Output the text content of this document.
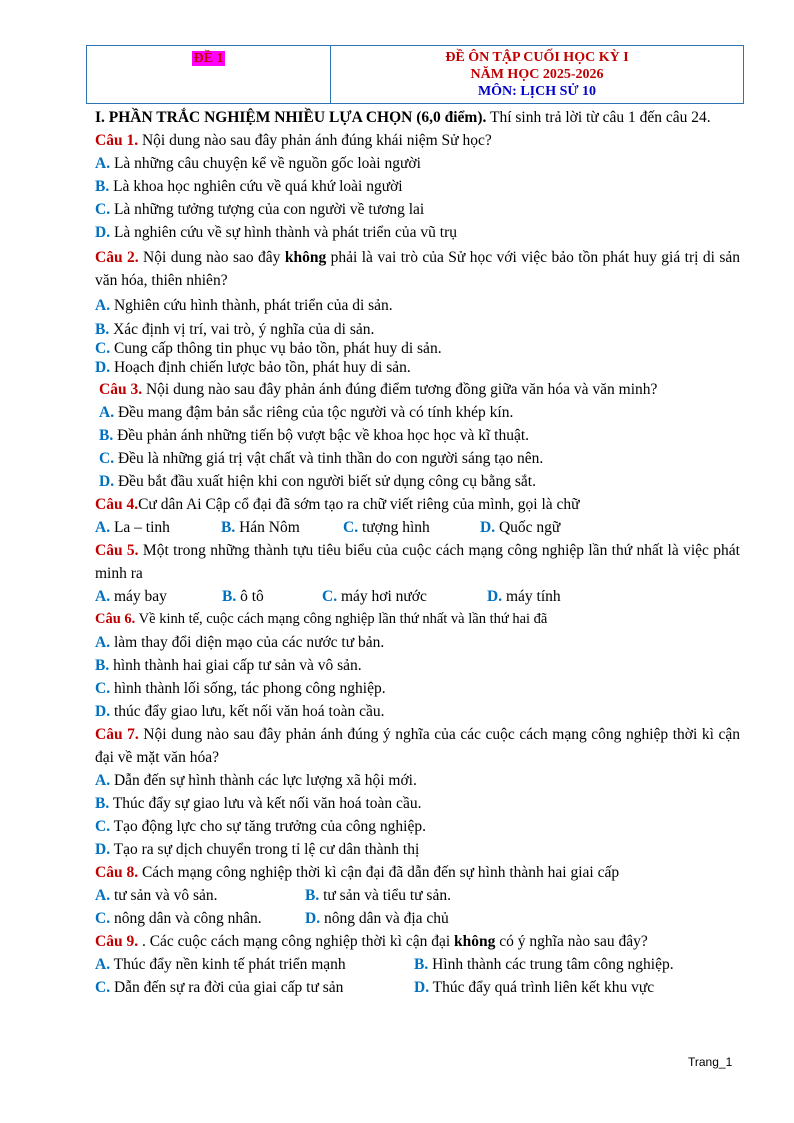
ĐỀ 1	ĐỀ ÔN TẬP CUỐI HỌC KỲ I
NĂM HỌC 2025-2026
MÔN: LỊCH SỬ 10
I. PHẦN TRẮC NGHIỆM NHIỀU LỰA CHỌN (6,0 điểm). Thí sinh trả lời từ câu 1 đến câu 24.
Câu 1. Nội dung nào sau đây phản ánh đúng khái niệm Sử học?
A. Là những câu chuyện kể về nguồn gốc loài người
B. Là khoa học nghiên cứu về quá khứ loài người
C. Là những tưởng tượng của con người về tương lai
D. Là nghiên cứu về sự hình thành và phát triển của vũ trụ
Câu 2. Nội dung nào sao đây không phải là vai trò của Sử học với việc bảo tồn phát huy giá trị di sản văn hóa, thiên nhiên?
A. Nghiên cứu hình thành, phát triển của di sản.
B. Xác định vị trí, vai trò, ý nghĩa của di sản.
C. Cung cấp thông tin phục vụ bảo tồn, phát huy di sản.
D. Hoạch định chiến lược bảo tồn, phát huy di sản.
Câu 3. Nội dung nào sau đây phản ánh đúng điểm tương đồng giữa văn hóa và văn minh?
A. Đều mang đậm bản sắc riêng của tộc người và có tính khép kín.
B. Đều phản ánh những tiến bộ vượt bậc về khoa học học và kĩ thuật.
C. Đều là những giá trị vật chất và tinh thần do con người sáng tạo nên.
D. Đều bắt đầu xuất hiện khi con người biết sử dụng công cụ bằng sắt.
Câu 4.Cư dân Ai Cập cổ đại đã sớm tạo ra chữ viết riêng của mình, gọi là chữ
A. La – tinh	B. Hán Nôm	C. tượng hình	D. Quốc ngữ
Câu 5. Một trong những thành tựu tiêu biểu của cuộc cách mạng công nghiệp lần thứ nhất là việc phát minh ra
A. máy bay	B. ô tô	C. máy hơi nước	D. máy tính
Câu 6. Về kinh tế, cuộc cách mạng công nghiệp lần thứ nhất và lần thứ hai đã
A. làm thay đổi diện mạo của các nước tư bản.
B. hình thành hai giai cấp tư sản và vô sản.
C. hình thành lối sống, tác phong công nghiệp.
D. thúc đẩy giao lưu, kết nối văn hoá toàn cầu.
Câu 7. Nội dung nào sau đây phản ánh đúng ý nghĩa của các cuộc cách mạng công nghiệp thời kì cận đại về mặt văn hóa?
A. Dẫn đến sự hình thành các lực lượng xã hội mới.
B. Thúc đẩy sự giao lưu và kết nối văn hoá toàn cầu.
C. Tạo động lực cho sự tăng trưởng của công nghiệp.
D. Tạo ra sự dịch chuyển trong tỉ lệ cư dân thành thị
Câu 8. Cách mạng công nghiệp thời kì cận đại đã dẫn đến sự hình thành hai giai cấp
A. tư sản và vô sản.	B. tư sản và tiểu tư sản.
C. nông dân và công nhân.	D. nông dân và địa chủ
Câu 9. . Các cuộc cách mạng công nghiệp thời kì cận đại không có ý nghĩa nào sau đây?
A. Thúc đẩy nền kinh tế phát triển mạnh	B. Hình thành các trung tâm công nghiệp.
C. Dẫn đến sự ra đời của giai cấp tư sản	D. Thúc đẩy quá trình liên kết khu vực
Trang_1
